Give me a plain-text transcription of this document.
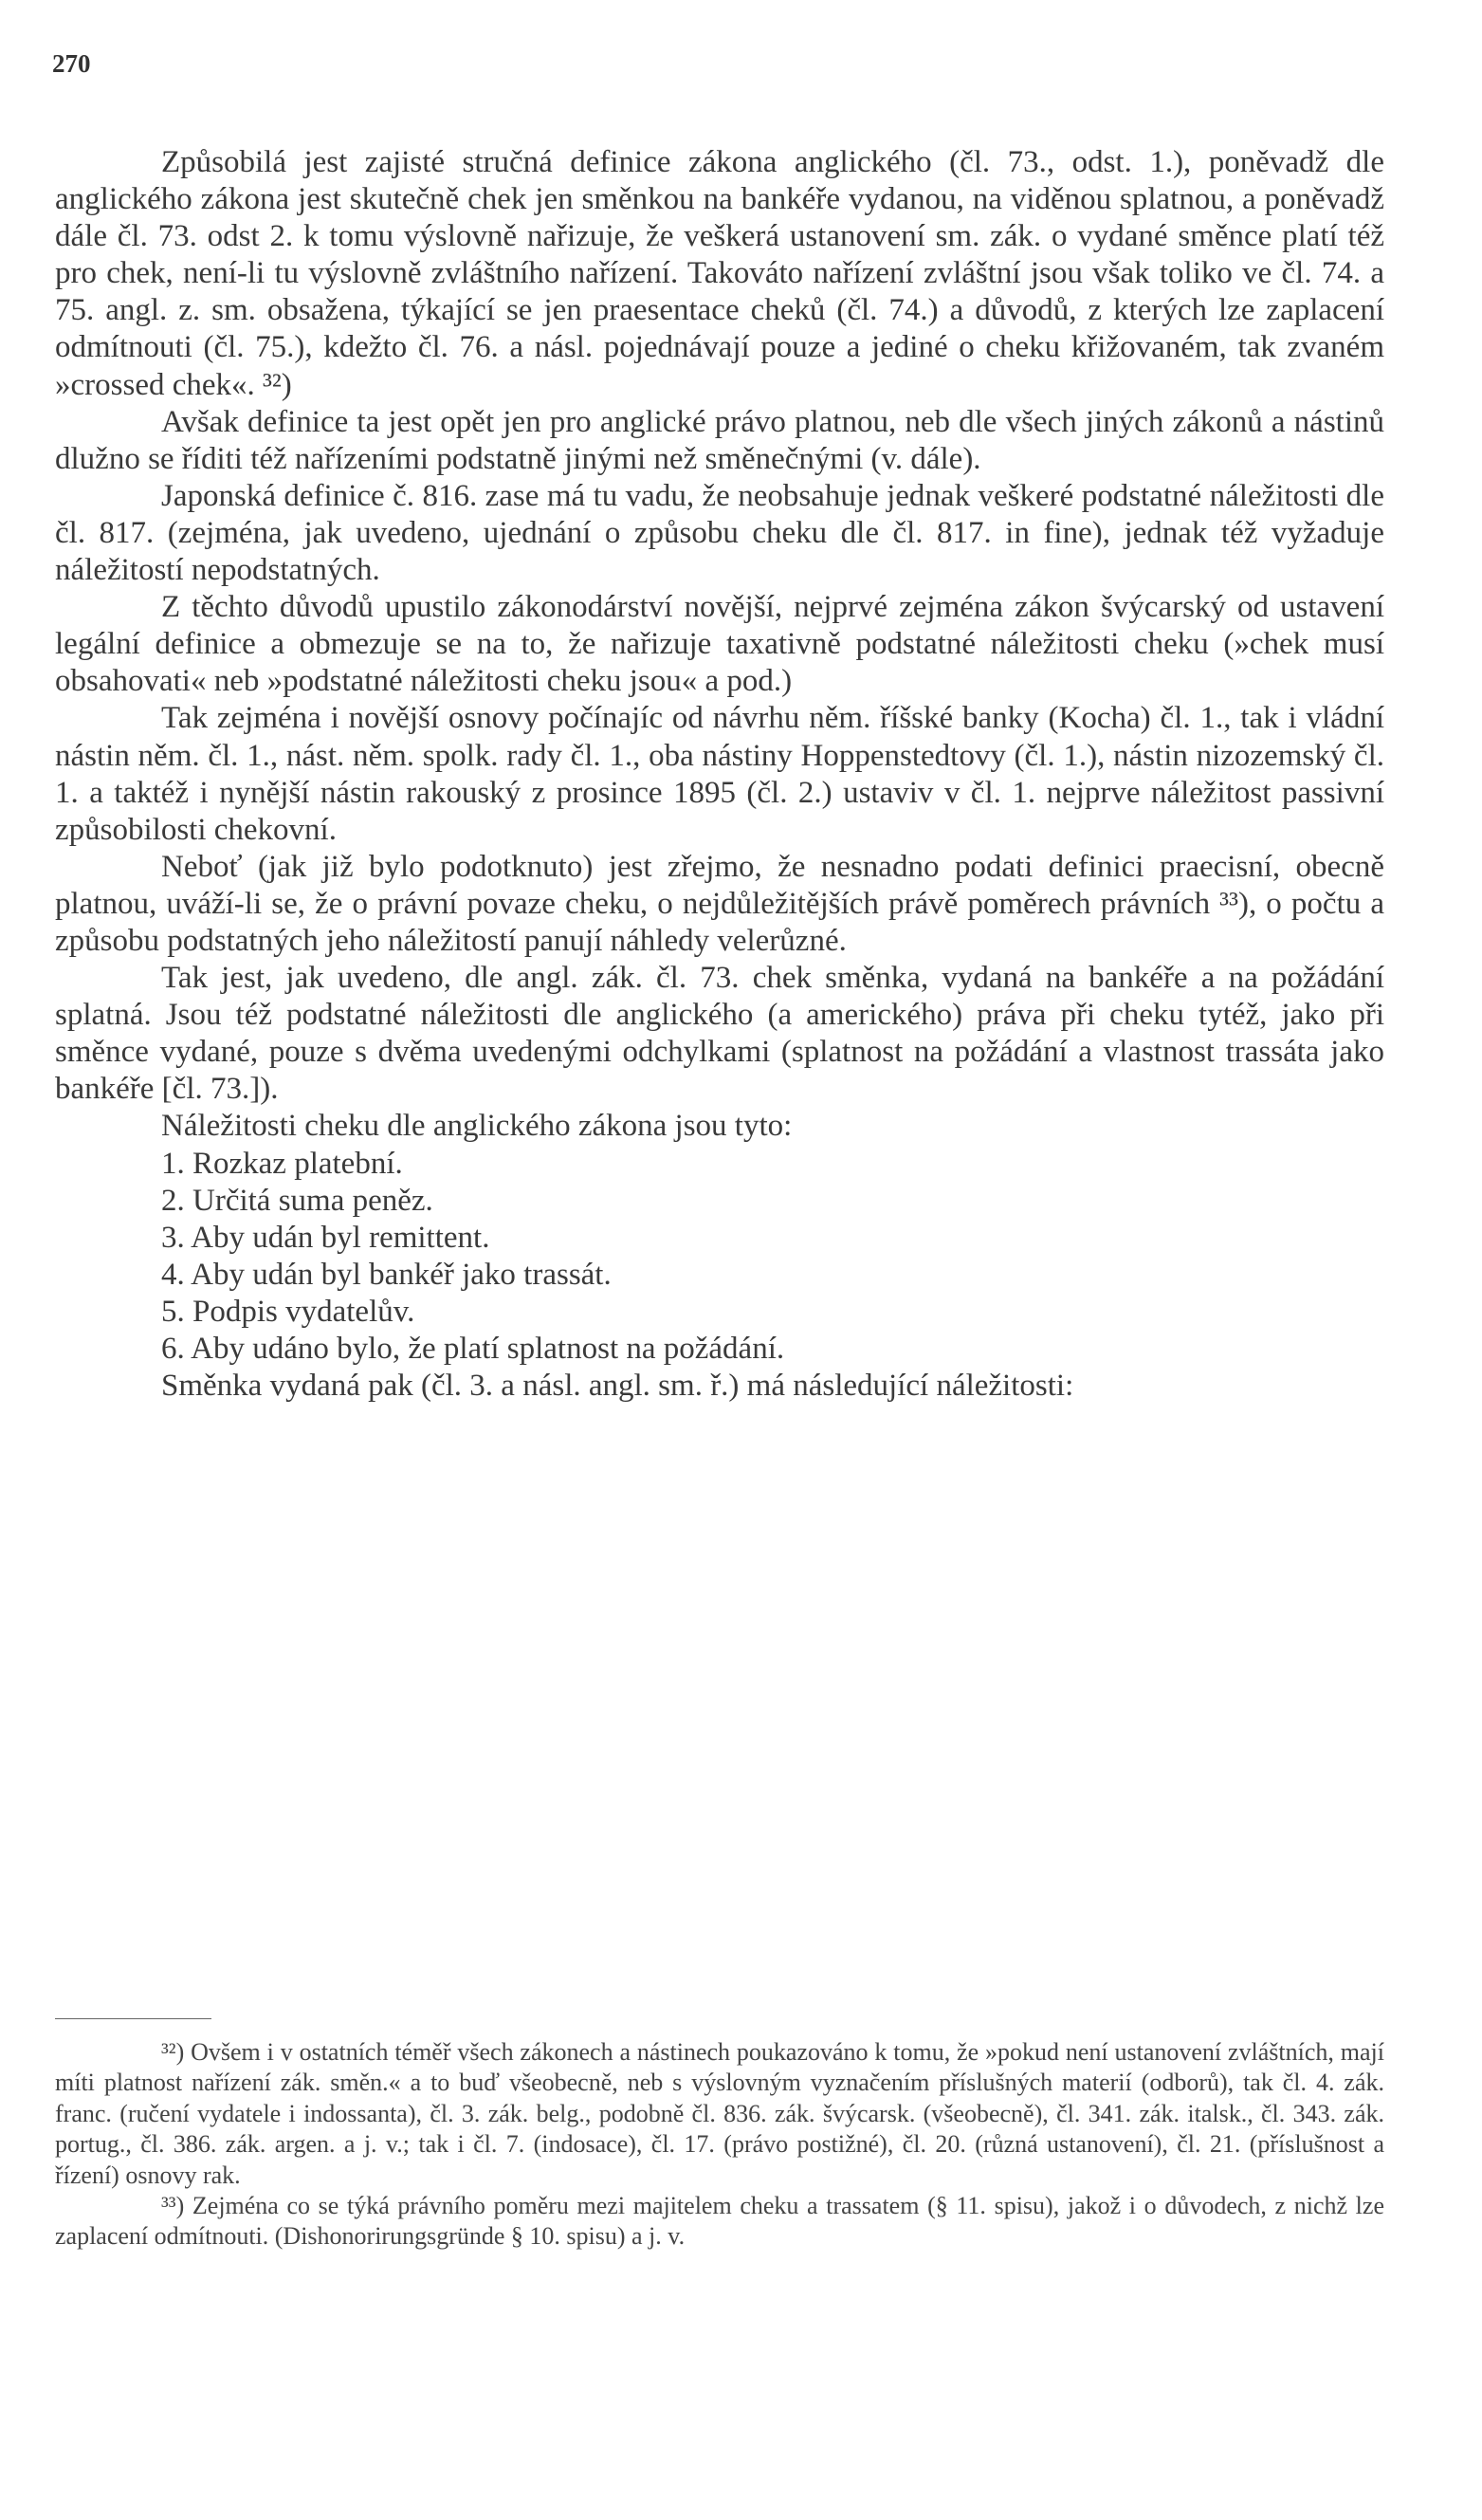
270

Způsobilá jest zajisté stručná definice zákona anglického (čl. 73., odst. 1.), poněvadž dle anglického zákona jest skutečně chek jen směnkou na bankéře vydanou, na viděnou splatnou, a poněvadž dále čl. 73. odst 2. k tomu výslovně nařizuje, že veškerá ustanovení sm. zák. o vydané směnce platí též pro chek, není-li tu výslovně zvláštního nařízení. Takováto nařízení zvláštní jsou však toliko ve čl. 74. a 75. angl. z. sm. obsažena, týkající se jen praesentace cheků (čl. 74.) a důvodů, z kterých lze zaplacení odmítnouti (čl. 75.), kdežto čl. 76. a násl. pojednávají pouze a jediné o cheku křižovaném, tak zvaném »crossed chek«. ³²)

Avšak definice ta jest opět jen pro anglické právo platnou, neb dle všech jiných zákonů a nástinů dlužno se říditi též nařízeními podstatně jinými než směnečnými (v. dále).

Japonská definice č. 816. zase má tu vadu, že neobsahuje jednak veškeré podstatné náležitosti dle čl. 817. (zejména, jak uvedeno, ujednání o způsobu cheku dle čl. 817. in fine), jednak též vyžaduje náležitostí nepodstatných.

Z těchto důvodů upustilo zákonodárství novější, nejprvé zejména zákon švýcarský od ustavení legální definice a obmezuje se na to, že nařizuje taxativně podstatné náležitosti cheku (»chek musí obsahovati« neb »podstatné náležitosti cheku jsou« a pod.)

Tak zejména i novější osnovy počínajíc od návrhu něm. říšské banky (Kocha) čl. 1., tak i vládní nástin něm. čl. 1., nást. něm. spolk. rady čl. 1., oba nástiny Hoppenstedtovy (čl. 1.), nástin nizozemský čl. 1. a taktéž i nynější nástin rakouský z prosince 1895 (čl. 2.) ustaviv v čl. 1. nejprve náležitost passivní způsobilosti chekovní.

Neboť (jak již bylo podotknuto) jest zřejmo, že nesnadno podati definici praecisní, obecně platnou, uváží-li se, že o právní povaze cheku, o nejdůležitějších právě poměrech právních ³³), o počtu a způsobu podstatných jeho náležitostí panují náhledy velerůzné.

Tak jest, jak uvedeno, dle angl. zák. čl. 73. chek směnka, vydaná na bankéře a na požádání splatná. Jsou též podstatné náležitosti dle anglického (a amerického) práva při cheku tytéž, jako při směnce vydané, pouze s dvěma uvedenými odchylkami (splatnost na požádání a vlastnost trassáta jako bankéře [čl. 73.]).

Náležitosti cheku dle anglického zákona jsou tyto:

1. Rozkaz platební.

2. Určitá suma peněz.

3. Aby udán byl remittent.

4. Aby udán byl bankéř jako trassát.

5. Podpis vydatelův.

6. Aby udáno bylo, že platí splatnost na požádání.

Směnka vydaná pak (čl. 3. a násl. angl. sm. ř.) má následující náležitosti:

³²) Ovšem i v ostatních téměř všech zákonech a nástinech poukazováno k tomu, že »pokud není ustanovení zvláštních, mají míti platnost nařízení zák. směn.« a to buď všeobecně, neb s výslovným vyznačením příslušných materií (odborů), tak čl. 4. zák. franc. (ručení vydatele i indossanta), čl. 3. zák. belg., podobně čl. 836. zák. švýcarsk. (všeobecně), čl. 341. zák. italsk., čl. 343. zák. portug., čl. 386. zák. argen. a j. v.; tak i čl. 7. (indosace), čl. 17. (právo postižné), čl. 20. (různá ustanovení), čl. 21. (příslušnost a řízení) osnovy rak.

³³) Zejména co se týká právního poměru mezi majitelem cheku a trassatem (§ 11. spisu), jakož i o důvodech, z nichž lze zaplacení odmítnouti. (Dishonorirungsgründe § 10. spisu) a j. v.
